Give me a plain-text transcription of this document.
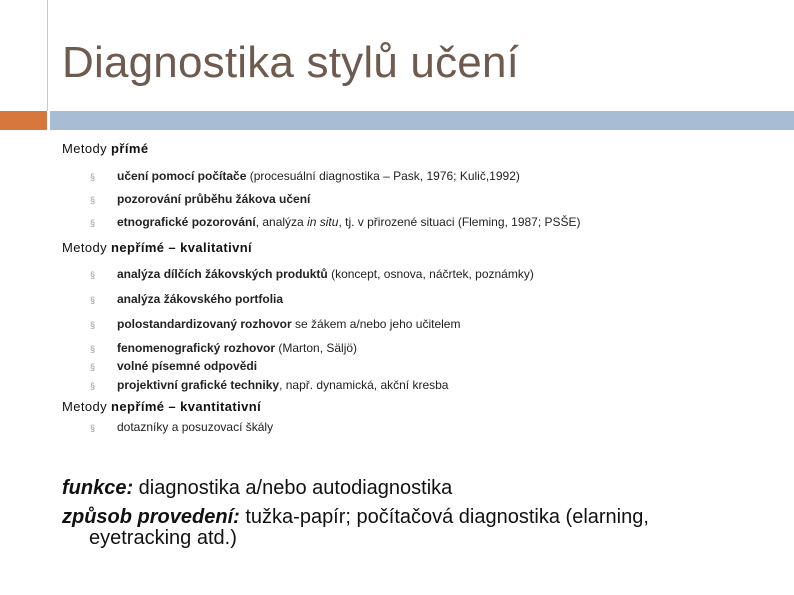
Diagnostika stylů učení
Metody přímé
§	učení pomocí počítače (procesuální diagnostika – Pask, 1976; Kulič,1992)
§	pozorování průběhu žákova učení
§	etnografické pozorování, analýza in situ, tj. v přirozené situaci (Fleming, 1987; PSŠE)
Metody nepřímé – kvalitativní
§	analýza dílčích žákovských produktů (koncept, osnova, náčrtek, poznámky)
§	analýza žákovského portfolia
§	polostandardizovaný rozhovor se žákem a/nebo jeho učitelem
§	fenomenografický rozhovor (Marton, Säljö)
§	volné písemné odpovědi
§	projektivní grafické techniky, např. dynamická, akční kresba
Metody nepřímé – kvantitativní
§	dotazníky a posuzovací škály
funkce: diagnostika a/nebo autodiagnostika
způsob provedení: tužka-papír; počítačová diagnostika (elarning,
eyetracking atd.)
